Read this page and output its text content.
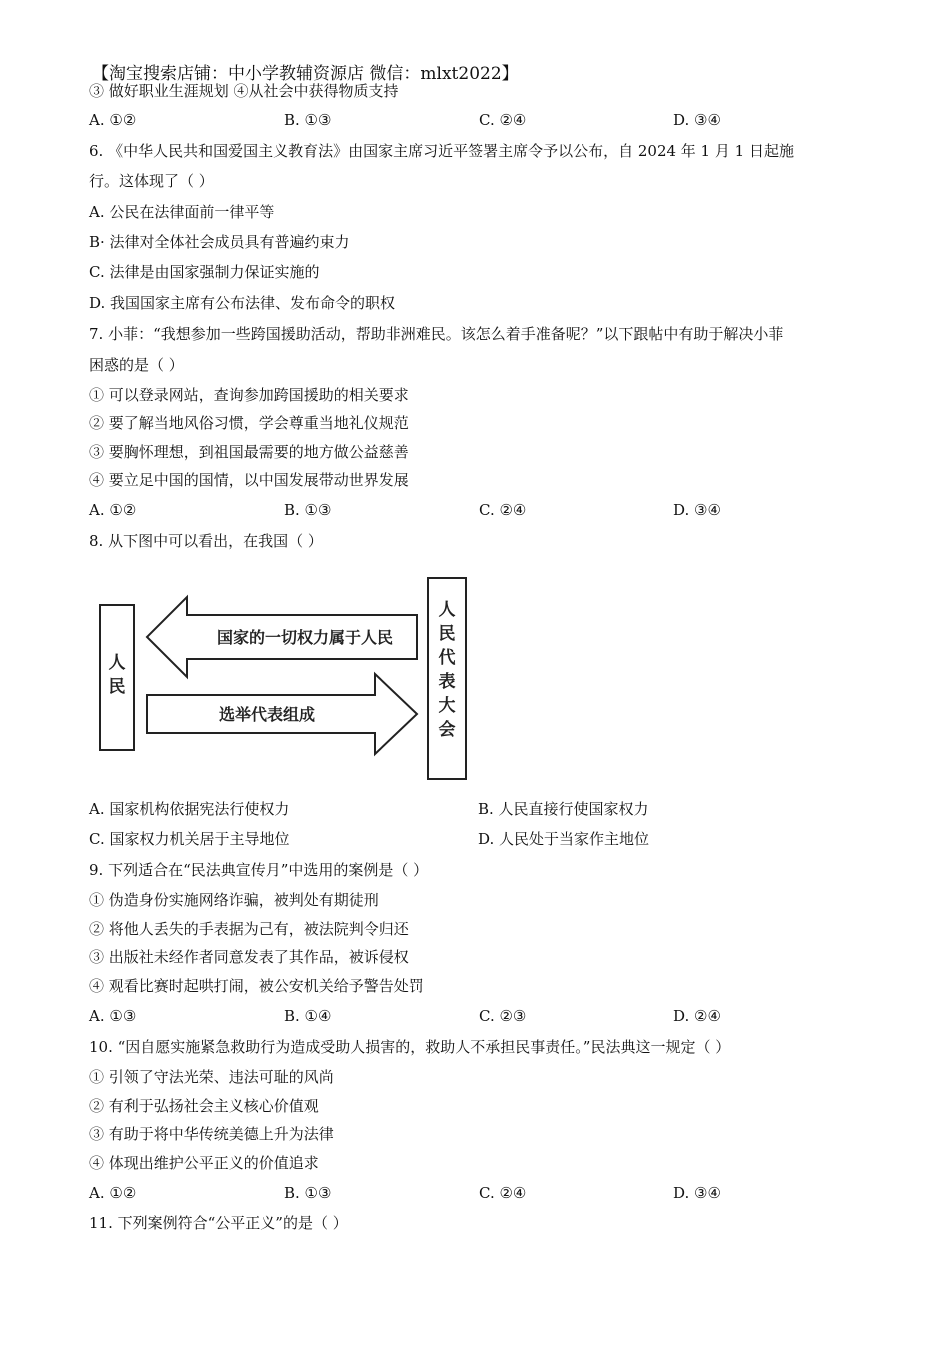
【淘宝搜索店铺：中小学教辅资源店 微信：mlxt2022】
③ 做好职业生涯规划 ④从社会中获得物质支持
A. ①②	B. ①③	C. ②④	D. ③④
6. 《中华人民共和国爱国主义教育法》由国家主席习近平签署主席令予以公布，自 2024 年 1 月 1 日起施
行。这体现了（ ）
A. 公民在法律面前一律平等
B· 法律对全体社会成员具有普遍约束力
C. 法律是由国家强制力保证实施的
D. 我国国家主席有公布法律、发布命令的职权
7. 小菲：“我想参加一些跨国援助活动，帮助非洲难民。该怎么着手准备呢？”以下跟帖中有助于解决小菲
困惑的是（ ）
① 可以登录网站，查询参加跨国援助的相关要求
② 要了解当地风俗习惯，学会尊重当地礼仪规范
③ 要胸怀理想，到祖国最需要的地方做公益慈善
④ 要立足中国的国情，以中国发展带动世界发展
A. ①②	B. ①③	C. ②④	D. ③④
8. 从下图中可以看出，在我国（ ）
人
民
人
民
代
表
大
会
国家的一切权力属于人民
选举代表组成
A. 国家机构依据宪法行使权力	B. 人民直接行使国家权力
C. 国家权力机关居于主导地位	D. 人民处于当家作主地位
9. 下列适合在“民法典宣传月”中选用的案例是（ ）
① 伪造身份实施网络诈骗，被判处有期徒刑
② 将他人丢失的手表据为己有，被法院判令归还
③ 出版社未经作者同意发表了其作品，被诉侵权
④ 观看比赛时起哄打闹，被公安机关给予警告处罚
A. ①③	B. ①④	C. ②③	D. ②④
10. “因自愿实施紧急救助行为造成受助人损害的，救助人不承担民事责任。”民法典这一规定（ ）
① 引领了守法光荣、违法可耻的风尚
② 有利于弘扬社会主义核心价值观
③ 有助于将中华传统美德上升为法律
④ 体现出维护公平正义的价值追求
A. ①②	B. ①③	C. ②④	D. ③④
11. 下列案例符合“公平正义”的是（ ）
